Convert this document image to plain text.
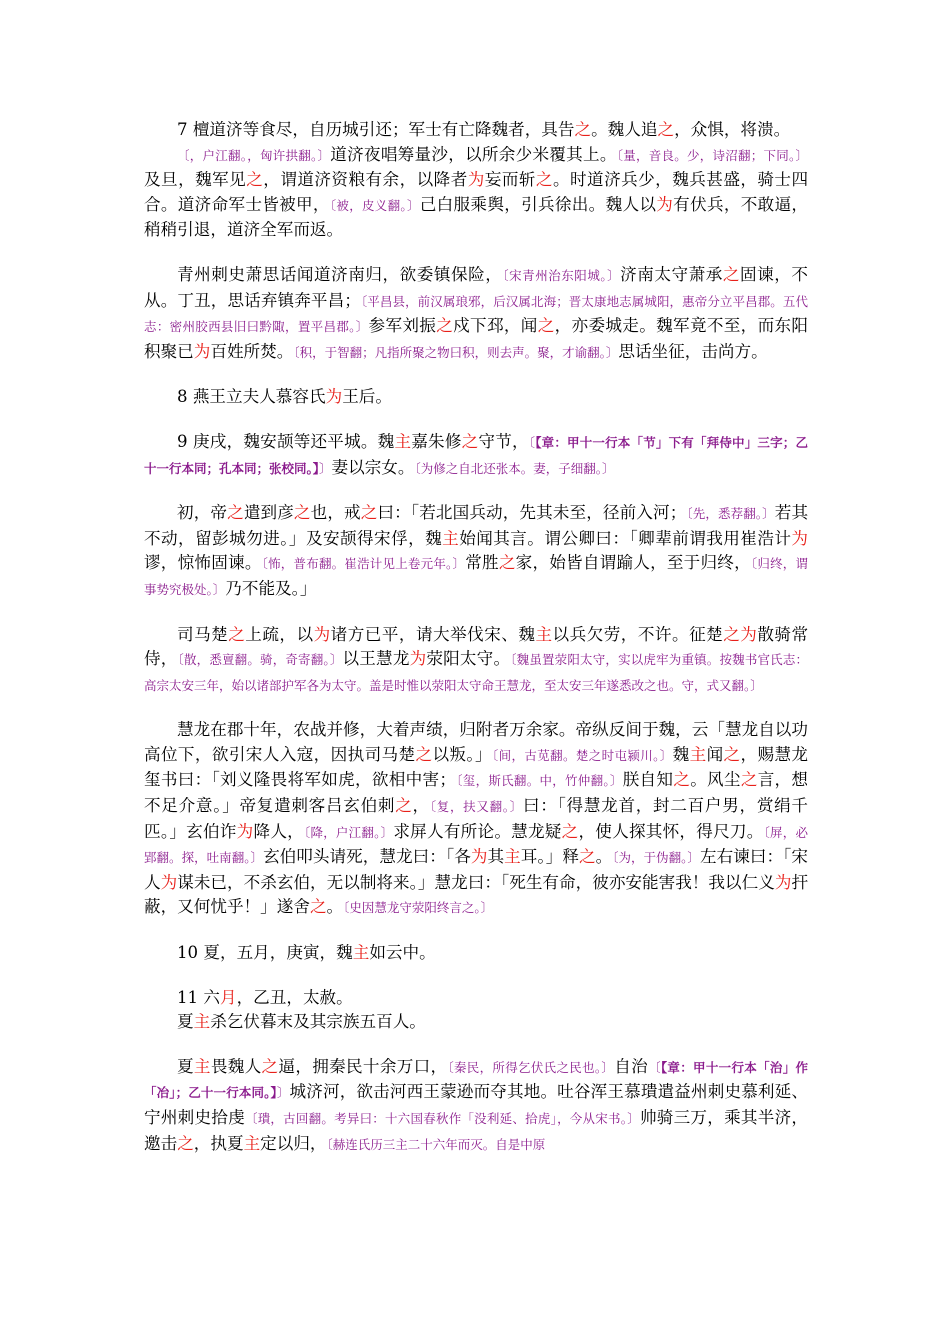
7 檀道济等食尽，自历城引还；军士有亡降魏者，具告之。魏人追之，众惧，将溃。
〔，户江翻。，匈许拱翻。〕道济夜唱筹量沙，以所余少米覆其上。〔量，音良。少，诗沼翻；下同。〕及旦，魏军见之，谓道济资粮有余，以降者为妄而斩之。时道济兵少，魏兵甚盛，骑士四合。道济命军士皆被甲，〔被，皮义翻。〕己白服乘舆，引兵徐出。魏人以为有伏兵，不敢逼，稍稍引退，道济全军而返。
青州刺史萧思话闻道济南归，欲委镇保险，〔宋青州治东阳城。〕济南太守萧承之固谏，不从。丁丑，思话弃镇奔平昌；〔平昌县，前汉属琅邪，后汉属北海；晋太康地志属城阳，惠帝分立平昌郡。五代志：密州胶西县旧曰黔陬，置平昌郡。〕参军刘振之戍下邳，闻之，亦委城走。魏军竟不至，而东阳积聚已为百姓所焚。〔积，于智翻；凡指所聚之物曰积，则去声。聚，才谕翻。〕思话坐征，击尚方。
8 燕王立夫人慕容氏为王后。
9 庚戌，魏安颉等还平城。魏主嘉朱修之守节，〔【章：甲十一行本「节」下有「拜侍中」三字；乙十一行本同；孔本同；张校同。】〕妻以宗女。〔为修之自北还张本。妻，子细翻。〕
初，帝之遣到彦之也，戒之曰：「若北国兵动，先其未至，径前入河；〔先，悉荐翻。〕若其不动，留彭城勿进。」及安颉得宋俘，魏主始闻其言。谓公卿曰：「卿辈前谓我用崔浩计为谬，惊怖固谏。〔怖，普布翻。崔浩计见上卷元年。〕常胜之家，始皆自谓踰人，至于归终，〔归终，谓事势究极处。〕乃不能及。」
司马楚之上疏，以为诸方已平，请大举伐宋、魏主以兵欠劳，不许。征楚之为散骑常侍，〔散，悉亶翻。骑，奇寄翻。〕以王慧龙为荥阳太守。〔魏虽置荥阳太守，实以虎牢为重镇。按魏书官氏志：高宗太安三年，始以诸部护军各为太守。盖是时惟以荥阳太守命王慧龙，至太安三年遂悉改之也。守，式又翻。〕
慧龙在郡十年，农战并修，大着声绩，归附者万余家。帝纵反间于魏，云「慧龙自以功高位下，欲引宋人入寇，因执司马楚之以叛。」〔间，古苋翻。楚之时屯颍川。〕魏主闻之，赐慧龙玺书曰：「刘义隆畏将军如虎，欲相中害；〔玺，斯氏翻。中，竹仲翻。〕朕自知之。风尘之言，想不足介意。」帝复遣刺客吕玄伯刺之，〔复，扶又翻。〕曰：「得慧龙首，封二百户男，赏绢千匹。」玄伯诈为降人，〔降，户江翻。〕求屏人有所论。慧龙疑之，使人探其怀，得尺刀。〔屏，必郢翻。探，吐南翻。〕玄伯叩头请死，慧龙曰：「各为其主耳。」释之。〔为，于伪翻。〕左右谏曰：「宋人为谋未已，不杀玄伯，无以制将来。」慧龙曰：「死生有命，彼亦安能害我！我以仁义为扞蔽，又何忧乎！」遂舍之。〔史因慧龙守荥阳终言之。〕
10 夏，五月，庚寅，魏主如云中。
11 六月，乙丑，太赦。
夏主杀乞伏暮末及其宗族五百人。
夏主畏魏人之逼，拥秦民十余万口，〔秦民，所得乞伏氏之民也。〕自治〔【章：甲十一行本「治」作「冶」；乙十一行本同。】〕城济河，欲击河西王蒙逊而夺其地。吐谷浑王慕璝遣益州刺史慕利延、宁州刺史拾虔〔璝，古回翻。考异曰：十六国春秋作「没利延、拾虎」，今从宋书。〕帅骑三万，乘其半济，邀击之，执夏主定以归，〔赫连氏历三主二十六年而灭。自是中原
